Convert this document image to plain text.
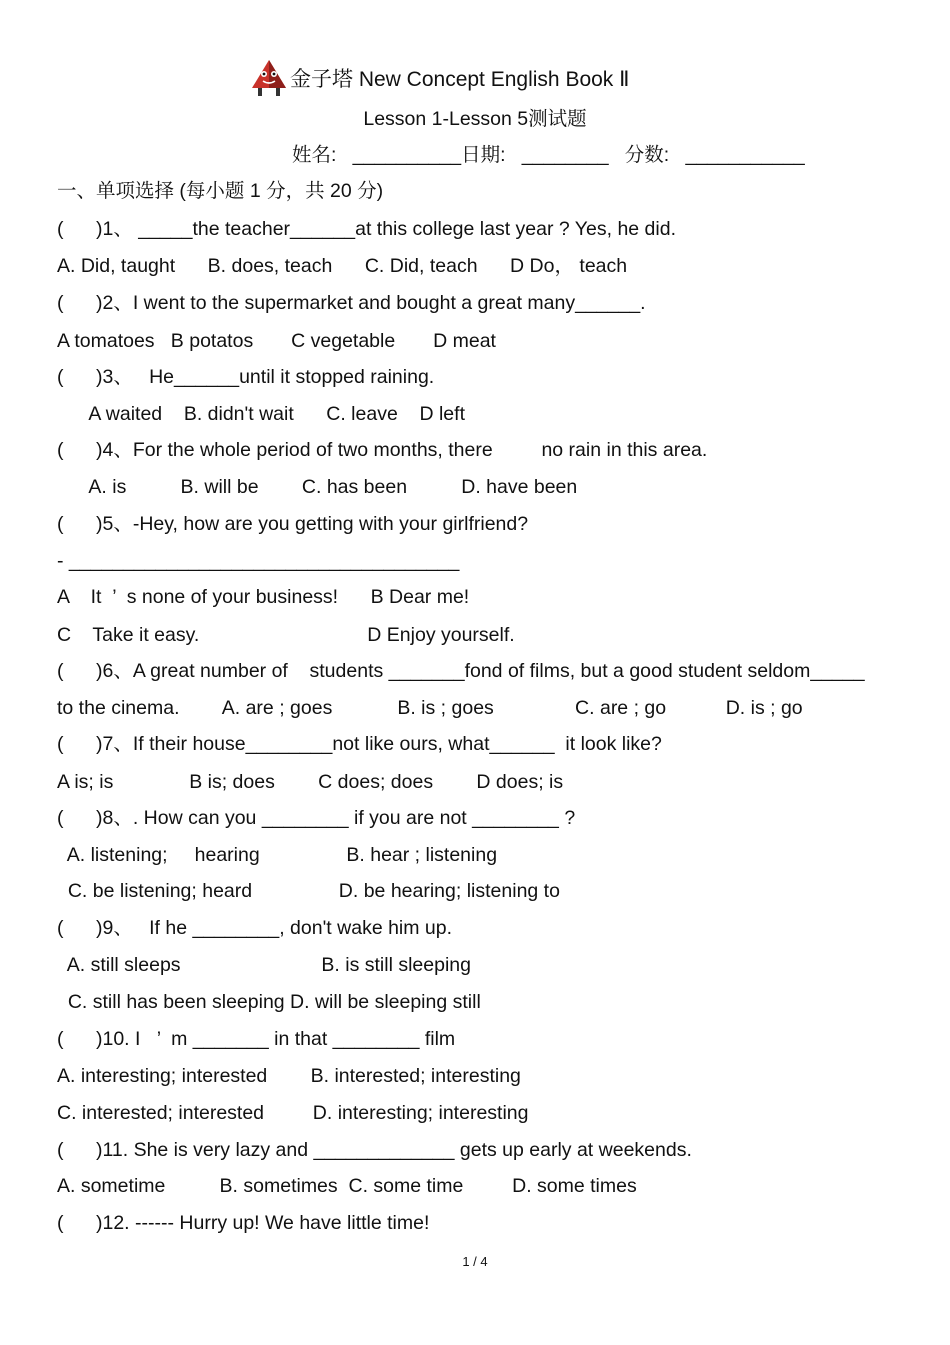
金子塔 New Concept English Book Ⅱ
Lesson 1-Lesson 5测试题
姓名:   __________日期:   ________   分数:   ___________
一、单项选择 (每小题 1 分，共 20 分)
(      )1、 _____the teacher______at this college last year ? Yes, he did.
A. Did, taught      B. does, teach      C. Did, teach      D Do， teach
(      )2、I went to the supermarket and bought a great many______.
A tomatoes   B potatos       C vegetable       D meat
(      )3、   He______until it stopped raining.
A waited    B. didn't wait      C. leave    D left
(      )4、For the whole period of two months, there         no rain in this area.
A. is          B. will be        C. has been          D. have been
(      )5、-Hey, how are you getting with your girlfriend?
- ____________________________________
A    It  ’  s none of your business!      B Dear me!
C    Take it easy.                               D Enjoy yourself.
(      )6、A great number of    students _______fond of films, but a good student seldom_____
to the cinema.        A. are ; goes            B. is ; goes               C. are ; go           D. is ; go
(      )7、If their house________not like ours, what______  it look like?
A is; is              B is; does        C does; does        D does; is
(      )8、. How can you ________ if you are not ________ ?
A. listening;     hearing                B. hear ; listening
C. be listening; heard                D. be hearing; listening to
(      )9、   If he ________, don't wake him up.
A. still sleeps                          B. is still sleeping
C. still has been sleeping D. will be sleeping still
(      )10. I   ’  m _______ in that ________ film
A. interesting; interested        B. interested; interesting
C. interested; interested         D. interesting; interesting
(      )11. She is very lazy and _____________ gets up early at weekends.
A. sometime          B. sometimes  C. some time         D. some times
(      )12. ------ Hurry up! We have little time!
1 / 4
